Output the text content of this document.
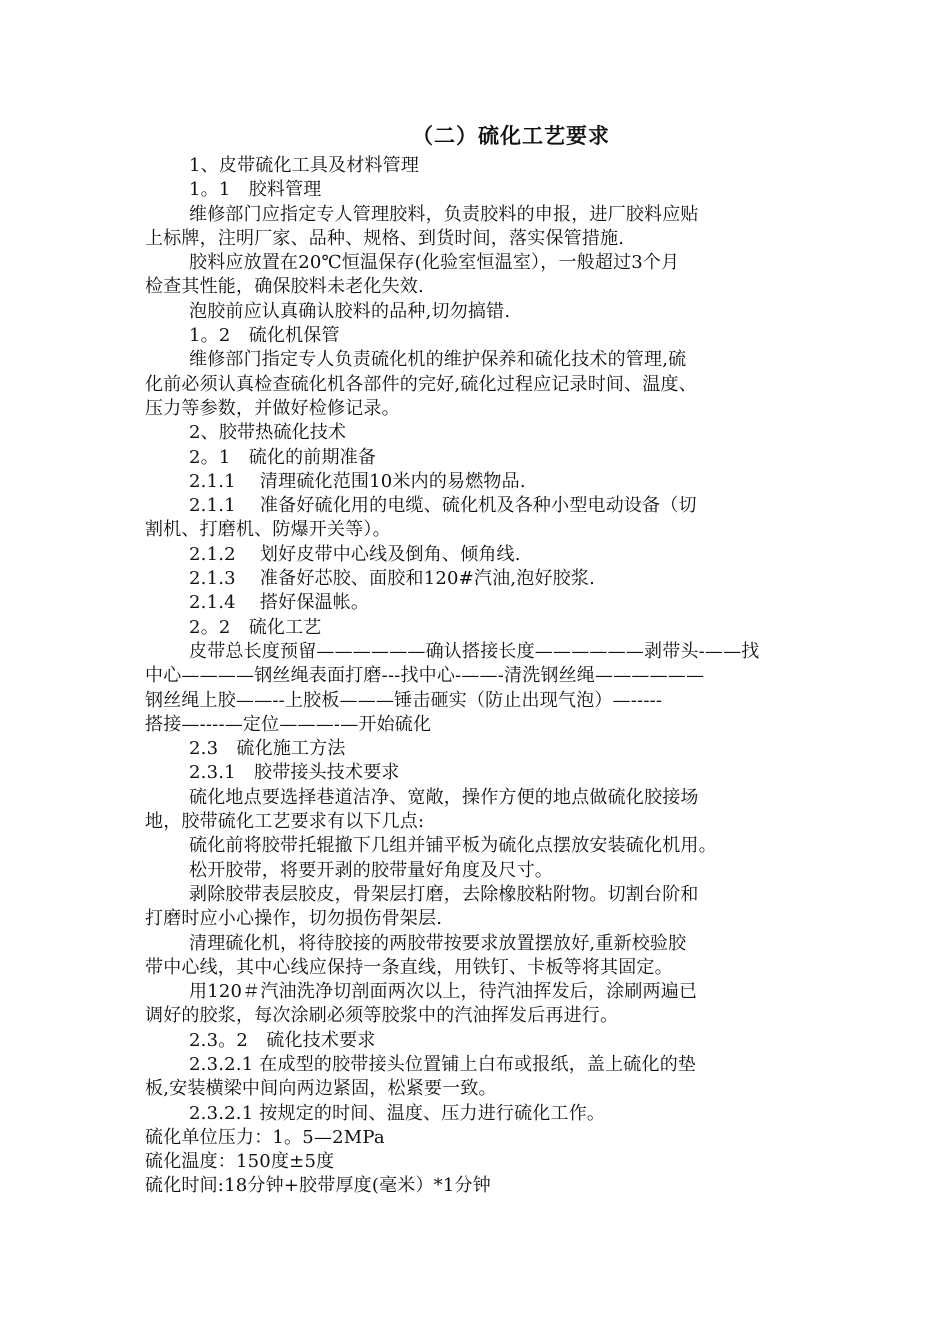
（二）硫化工艺要求
1、皮带硫化工具及材料管理
1。1　胶料管理
维修部门应指定专人管理胶料，负责胶料的申报，进厂胶料应贴
上标牌，注明厂家、品种、规格、到货时间，落实保管措施.
胶料应放置在20℃恒温保存(化验室恒温室），一般超过3个月
检查其性能，确保胶料未老化失效.
泡胶前应认真确认胶料的品种,切勿搞错.
1。2　硫化机保管
维修部门指定专人负责硫化机的维护保养和硫化技术的管理,硫
化前必须认真检查硫化机各部件的完好,硫化过程应记录时间、温度、
压力等参数，并做好检修记录。
2、胶带热硫化技术
2。1　硫化的前期准备
2.1.1　 清理硫化范围10米内的易燃物品.
2.1.1　 准备好硫化用的电缆、硫化机及各种小型电动设备（切
割机、打磨机、防爆开关等）。
2.1.2　 划好皮带中心线及倒角、倾角线.
2.1.3　 准备好芯胶、面胶和120#汽油,泡好胶浆.
2.1.4　 搭好保温帐。
2。2　硫化工艺
皮带总长度预留——————确认搭接长度——————剥带头-——找
中心————钢丝绳表面打磨---找中心-——-清洗钢丝绳——————
钢丝绳上胶——--上胶板———锤击砸实（防止出现气泡）—-----
搭接—----—定位———-—开始硫化
2.3　硫化施工方法
2.3.1　胶带接头技术要求
硫化地点要选择巷道洁净、宽敞，操作方便的地点做硫化胶接场
地，胶带硫化工艺要求有以下几点:
硫化前将胶带托辊撤下几组并铺平板为硫化点摆放安装硫化机用。
松开胶带，将要开剥的胶带量好角度及尺寸。
剥除胶带表层胶皮，骨架层打磨，去除橡胶粘附物。切割台阶和
打磨时应小心操作，切勿损伤骨架层.
清理硫化机，将待胶接的两胶带按要求放置摆放好,重新校验胶
带中心线，其中心线应保持一条直线，用铁钉、卡板等将其固定。
用120＃汽油洗净切剖面两次以上，待汽油挥发后，涂刷两遍已
调好的胶浆，每次涂刷必须等胶浆中的汽油挥发后再进行。
2.3。2　硫化技术要求
2.3.2.1 在成型的胶带接头位置铺上白布或报纸，盖上硫化的垫
板,安装横梁中间向两边紧固，松紧要一致。
2.3.2.1 按规定的时间、温度、压力进行硫化工作。
硫化单位压力：1。5—2MPa
硫化温度：150度±5度
硫化时间:18分钟+胶带厚度(毫米）*1分钟
